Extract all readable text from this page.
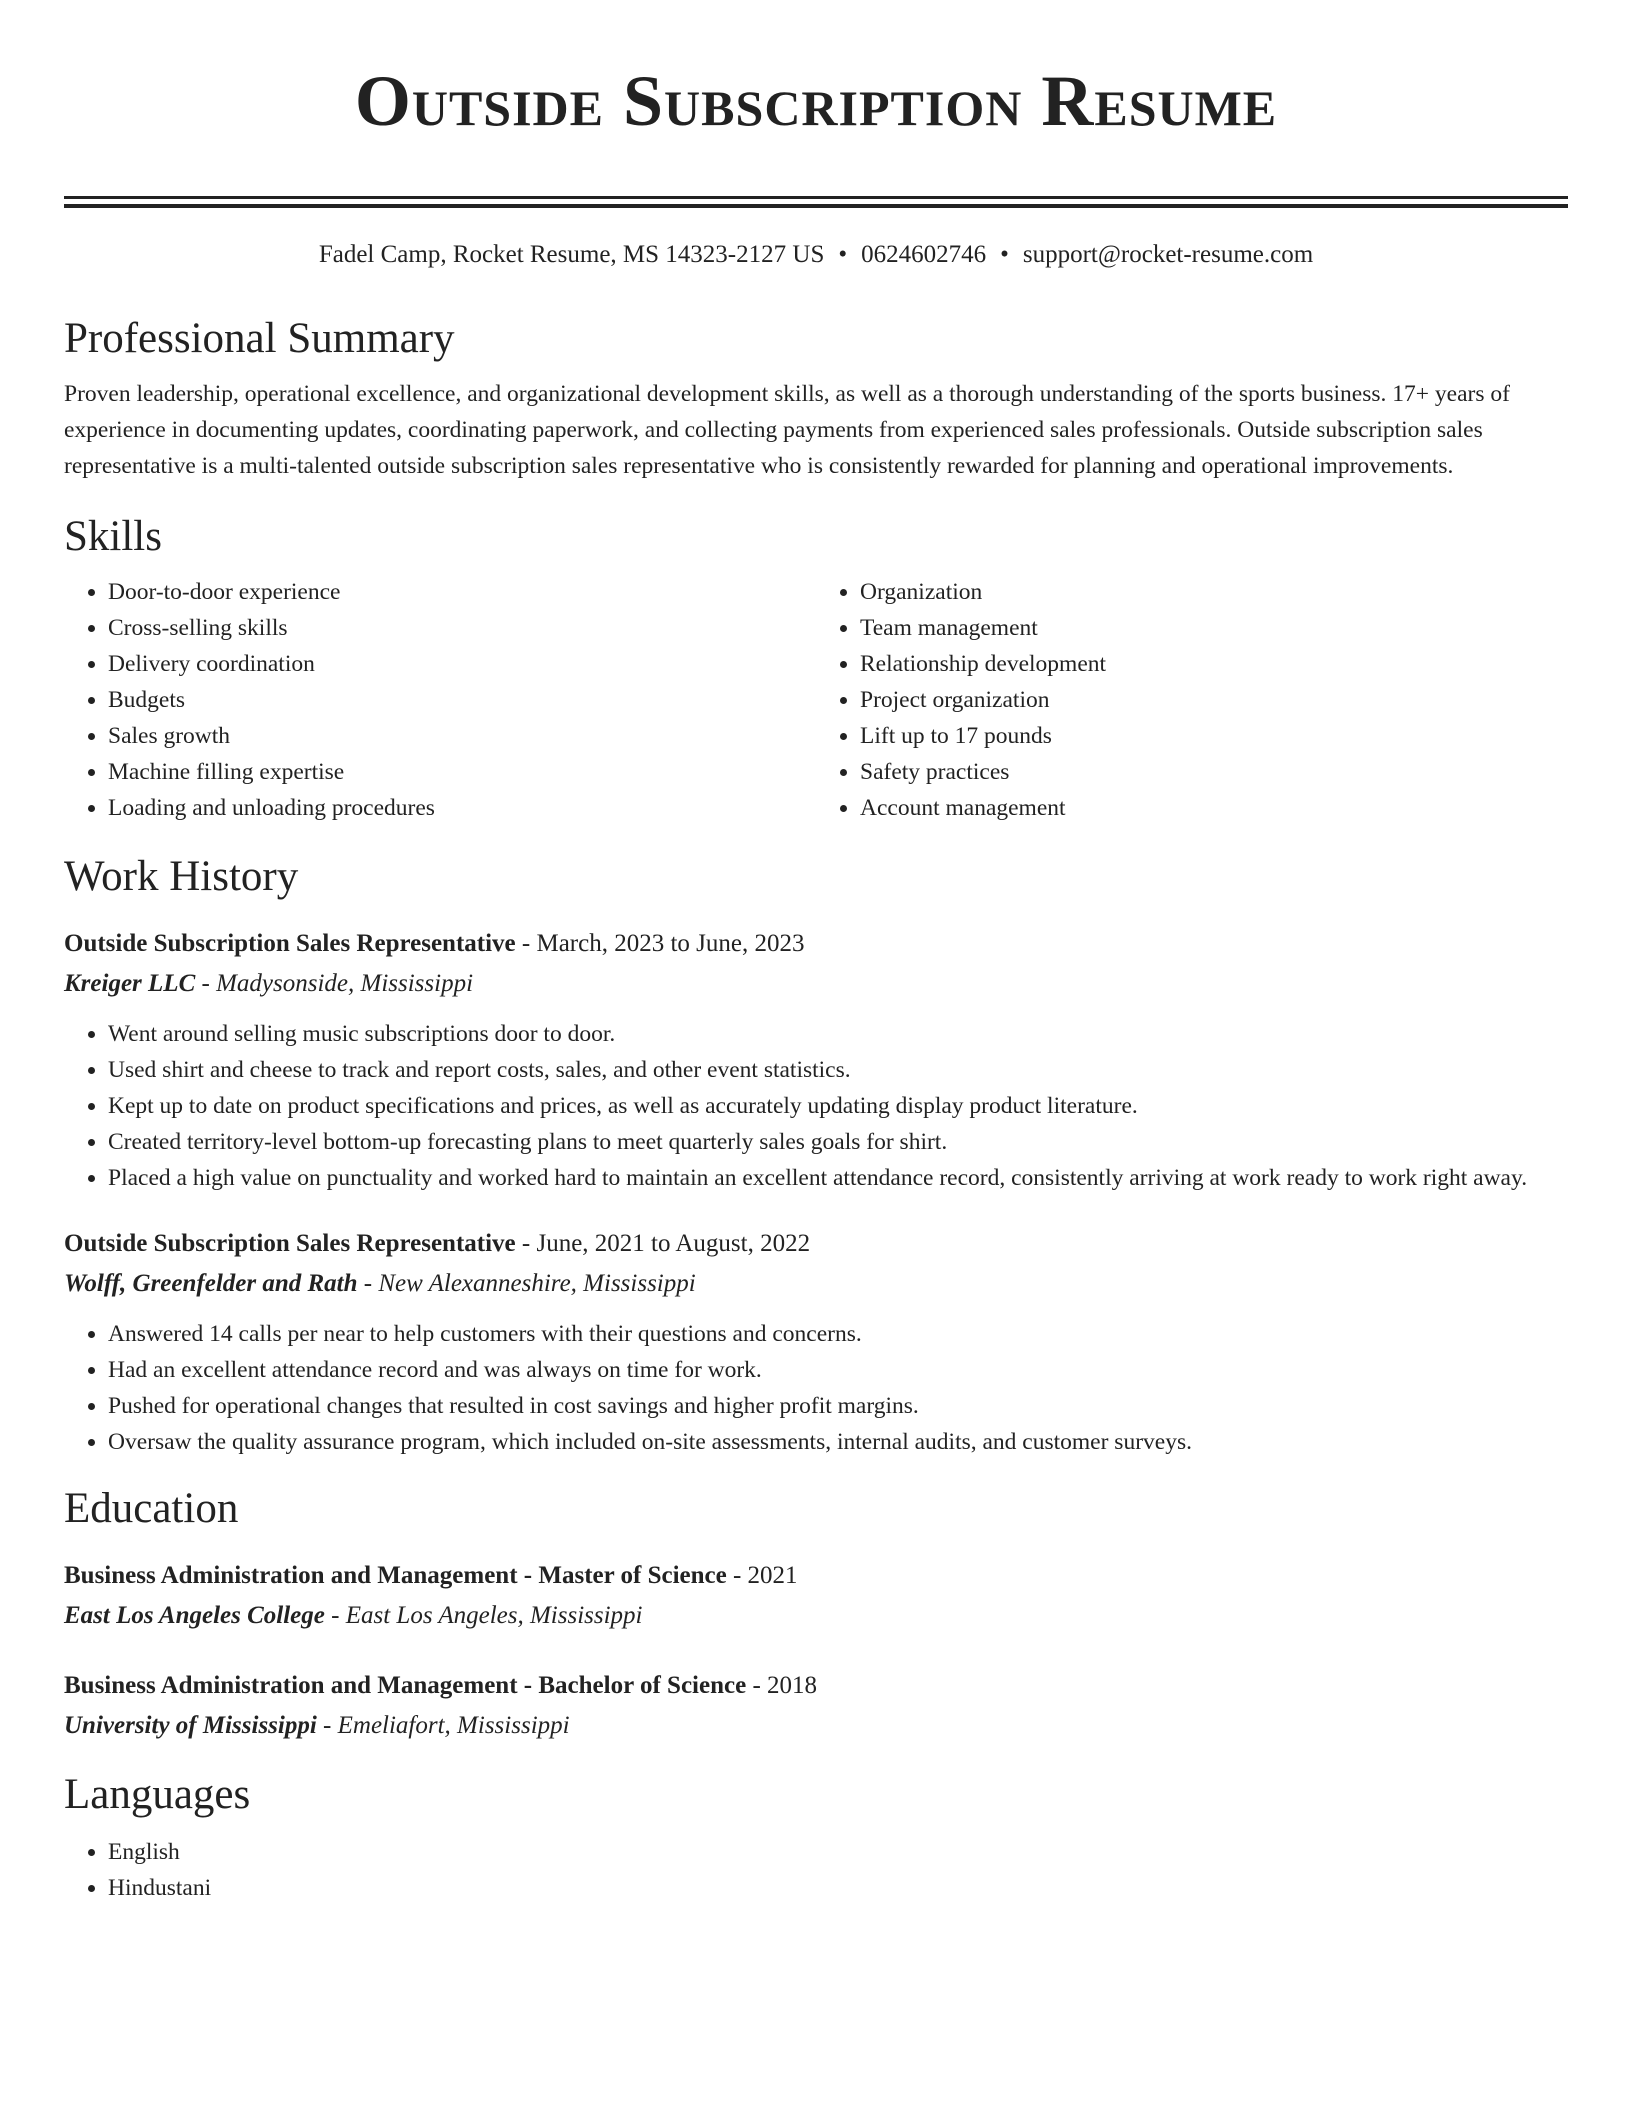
Outside Subscription Resume
Fadel Camp, Rocket Resume, MS 14323-2127 US • 0624602746 • support@rocket-resume.com
Professional Summary

Proven leadership, operational excellence, and organizational development skills, as well as a thorough understanding of the sports business. 17+ years of experience in documenting updates, coordinating paperwork, and collecting payments from experienced sales professionals. Outside subscription sales representative is a multi-talented outside subscription sales representative who is consistently rewarded for planning and operational improvements.

Skills
• Door-to-door experience
• Cross-selling skills
• Delivery coordination
• Budgets
• Sales growth
• Machine filling expertise
• Loading and unloading procedures
• Organization
• Team management
• Relationship development
• Project organization
• Lift up to 17 pounds
• Safety practices
• Account management
Work History
Outside Subscription Sales Representative - March, 2023 to June, 2023
Kreiger LLC - Madysonside, Mississippi
• Went around selling music subscriptions door to door.
• Used shirt and cheese to track and report costs, sales, and other event statistics.
• Kept up to date on product specifications and prices, as well as accurately updating display product literature.
• Created territory-level bottom-up forecasting plans to meet quarterly sales goals for shirt.
• Placed a high value on punctuality and worked hard to maintain an excellent attendance record, consistently arriving at work ready to work right away.
Outside Subscription Sales Representative - June, 2021 to August, 2022
Wolff, Greenfelder and Rath - New Alexanneshire, Mississippi
• Answered 14 calls per near to help customers with their questions and concerns.
• Had an excellent attendance record and was always on time for work.
• Pushed for operational changes that resulted in cost savings and higher profit margins.
• Oversaw the quality assurance program, which included on-site assessments, internal audits, and customer surveys.
Education
Business Administration and Management - Master of Science - 2021
East Los Angeles College - East Los Angeles, Mississippi
Business Administration and Management - Bachelor of Science - 2018
University of Mississippi - Emeliafort, Mississippi
Languages
• English
• Hindustani
